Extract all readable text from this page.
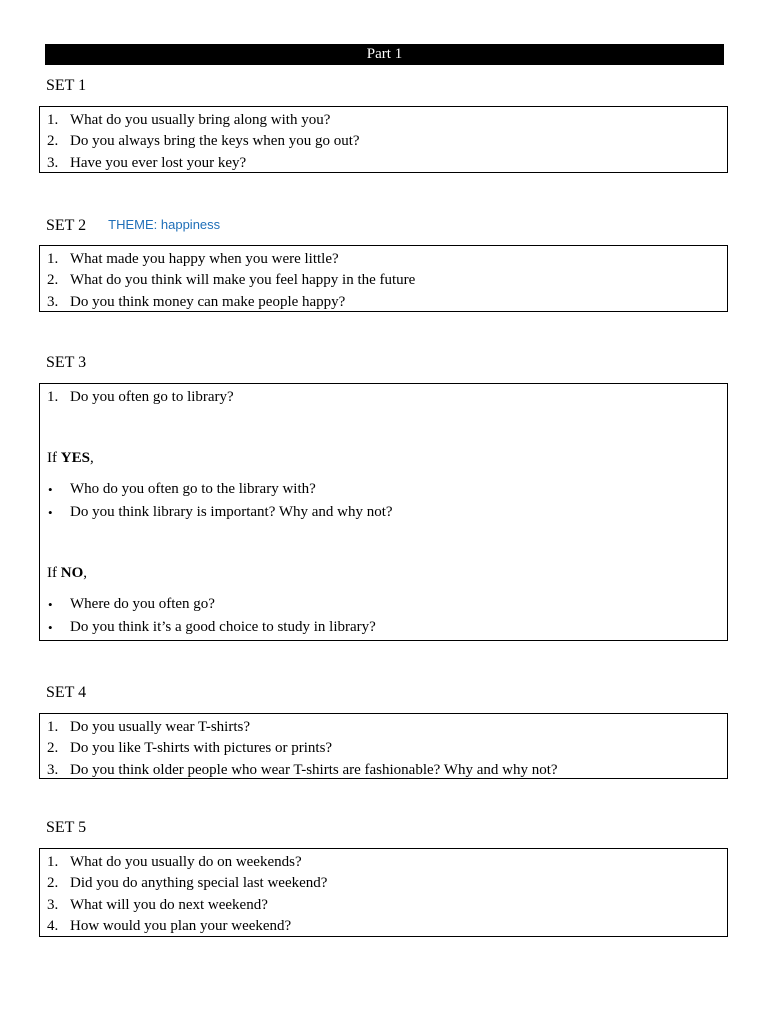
Part 1
SET 1
1. What do you usually bring along with you?
2. Do you always bring the keys when you go out?
3. Have you ever lost your key?
SET 2 THEME: happiness
1. What made you happy when you were little?
2. What do you think will make you feel happy in the future
3. Do you think money can make people happy?
SET 3
1. Do you often go to library?
If YES,
• Who do you often go to the library with?
• Do you think library is important? Why and why not?
If NO,
• Where do you often go?
• Do you think it’s a good choice to study in library?
SET 4
1. Do you usually wear T-shirts?
2. Do you like T-shirts with pictures or prints?
3. Do you think older people who wear T-shirts are fashionable? Why and why not?
SET 5
1. What do you usually do on weekends?
2. Did you do anything special last weekend?
3. What will you do next weekend?
4. How would you plan your weekend?
